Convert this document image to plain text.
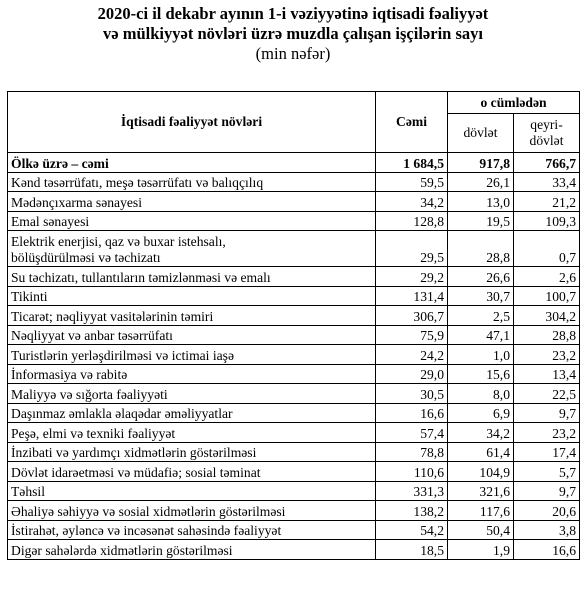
2020-ci il dekabr ayının 1-i vəziyyətinə iqtisadi fəaliyyət
və mülkiyyət növləri üzrə muzdla çalışan işçilərin sayı
(min nəfər)
İqtisadi fəaliyyət növləri	Cəmi	o cümlədən	
		dövlət	qeyri-
dövlət
Ölkə üzrə – cəmi	1 684,5	917,8	766,7
Kənd təsərrüfatı, meşə təsərrüfatı və balıqçılıq	59,5	26,1	33,4
Mədənçıxarma sənayesi	34,2	13,0	21,2
Emal sənayesi	128,8	19,5	109,3
Elektrik enerjisi, qaz və buxar istehsalı,
bölüşdürülməsi və təchizatı	29,5	28,8	0,7
Su təchizatı, tullantıların təmizlənməsi və emalı	29,2	26,6	2,6
Tikinti	131,4	30,7	100,7
Ticarət; nəqliyyat vasitələrinin təmiri	306,7	2,5	304,2
Nəqliyyat və anbar təsərrüfatı	75,9	47,1	28,8
Turistlərin yerləşdirilməsi və ictimai iaşə	24,2	1,0	23,2
İnformasiya və rabitə	29,0	15,6	13,4
Maliyyə və sığorta fəaliyyəti	30,5	8,0	22,5
Daşınmaz əmlakla əlaqədar əməliyyatlar	16,6	6,9	9,7
Peşə, elmi və texniki fəaliyyət	57,4	34,2	23,2
İnzibati və yardımçı xidmətlərin göstərilməsi	78,8	61,4	17,4
Dövlət idarəetməsi və müdafiə; sosial təminat	110,6	104,9	5,7
Təhsil	331,3	321,6	9,7
Əhaliyə səhiyyə və sosial xidmətlərin göstərilməsi	138,2	117,6	20,6
İstirahət, əyləncə və incəsənət sahəsində fəaliyyət	54,2	50,4	3,8
Digər sahələrdə xidmətlərin göstərilməsi	18,5	1,9	16,6
